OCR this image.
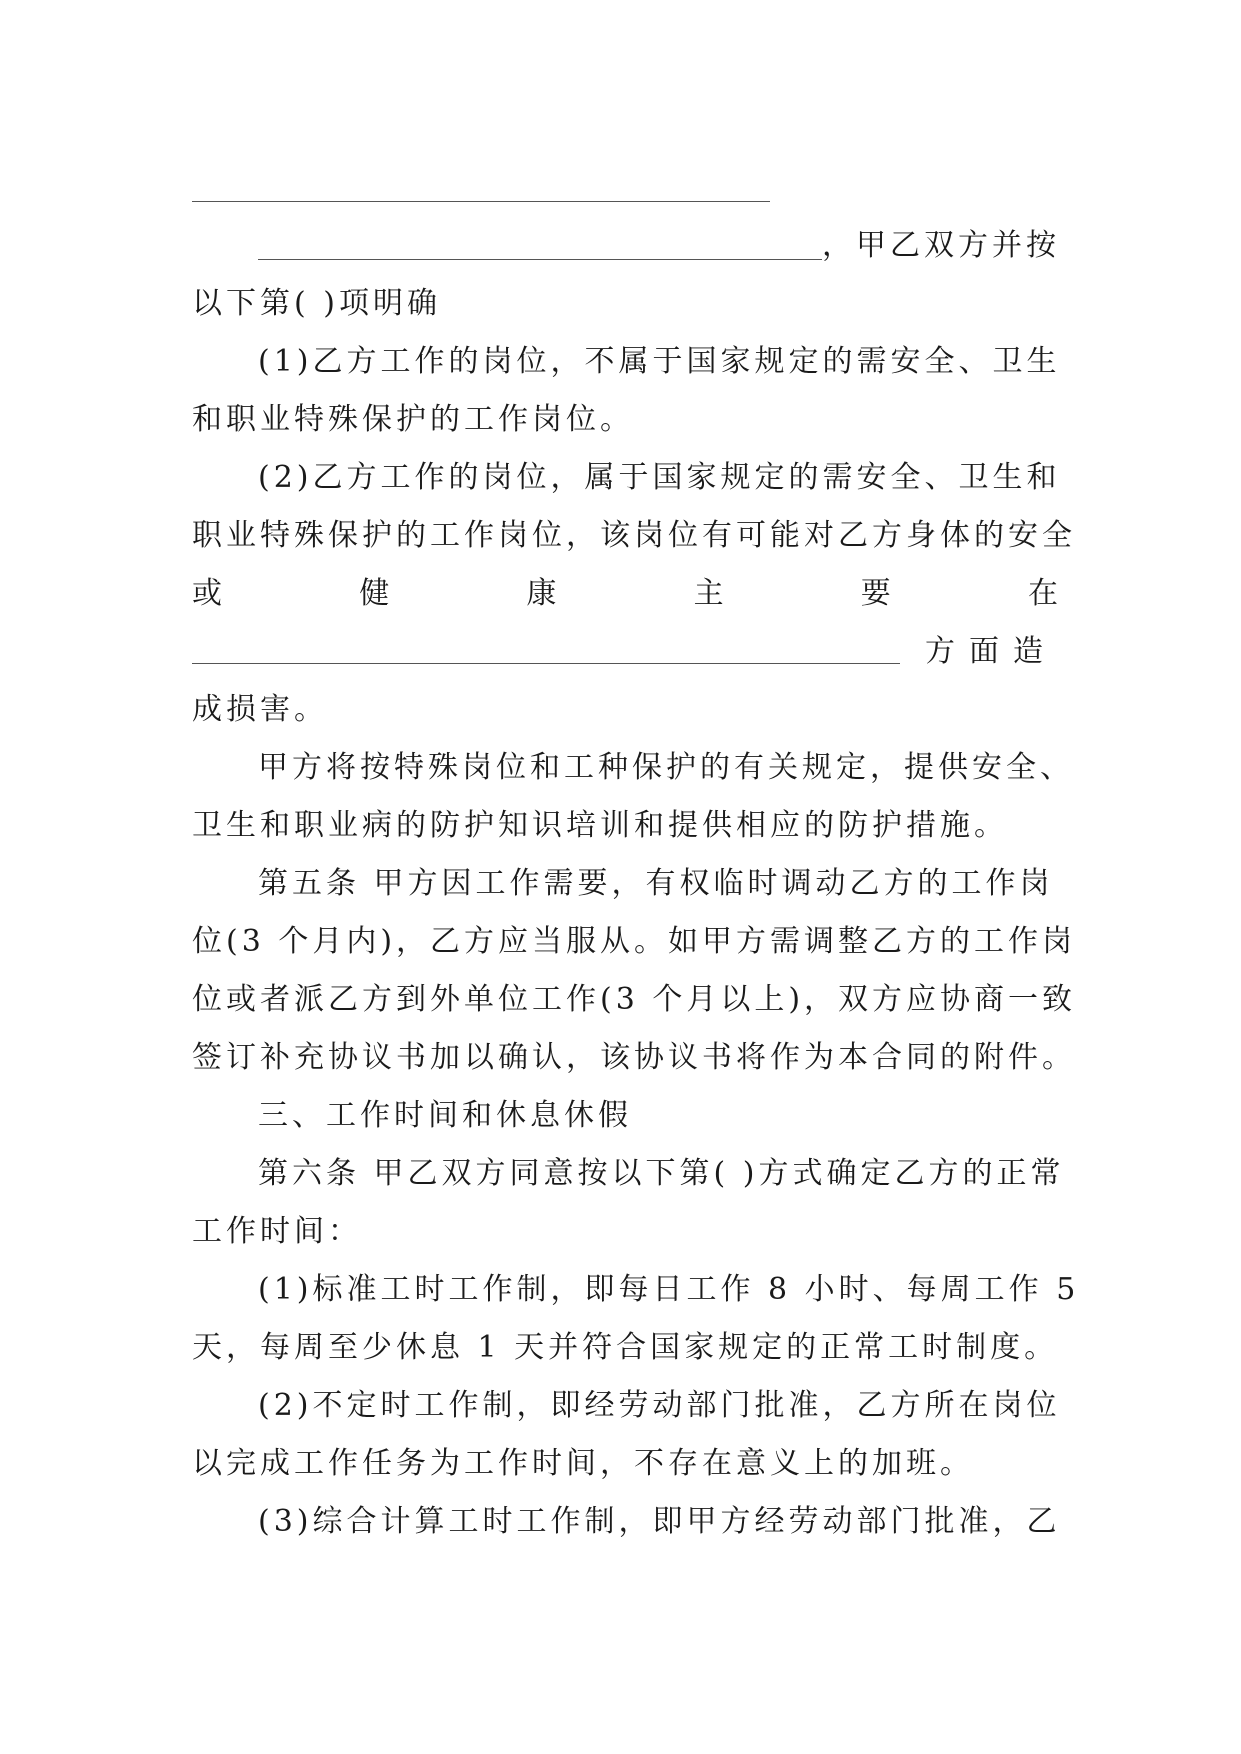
，甲乙双方并按
以下第( )项明确
(1)乙方工作的岗位，不属于国家规定的需安全、卫生
和职业特殊保护的工作岗位。
(2)乙方工作的岗位，属于国家规定的需安全、卫生和
职业特殊保护的工作岗位，该岗位有可能对乙方身体的安全
或	健	康	主	要	在
方面造
成损害。
甲方将按特殊岗位和工种保护的有关规定，提供安全、
卫生和职业病的防护知识培训和提供相应的防护措施。
第五条 甲方因工作需要，有权临时调动乙方的工作岗
位(3 个月内)，乙方应当服从。如甲方需调整乙方的工作岗
位或者派乙方到外单位工作(3 个月以上)，双方应协商一致
签订补充协议书加以确认，该协议书将作为本合同的附件。
三、工作时间和休息休假
第六条 甲乙双方同意按以下第( )方式确定乙方的正常
工作时间：
(1)标准工时工作制，即每日工作 8 小时、每周工作 5
天，每周至少休息 1 天并符合国家规定的正常工时制度。
(2)不定时工作制，即经劳动部门批准，乙方所在岗位
以完成工作任务为工作时间，不存在意义上的加班。
(3)综合计算工时工作制，即甲方经劳动部门批准，乙
